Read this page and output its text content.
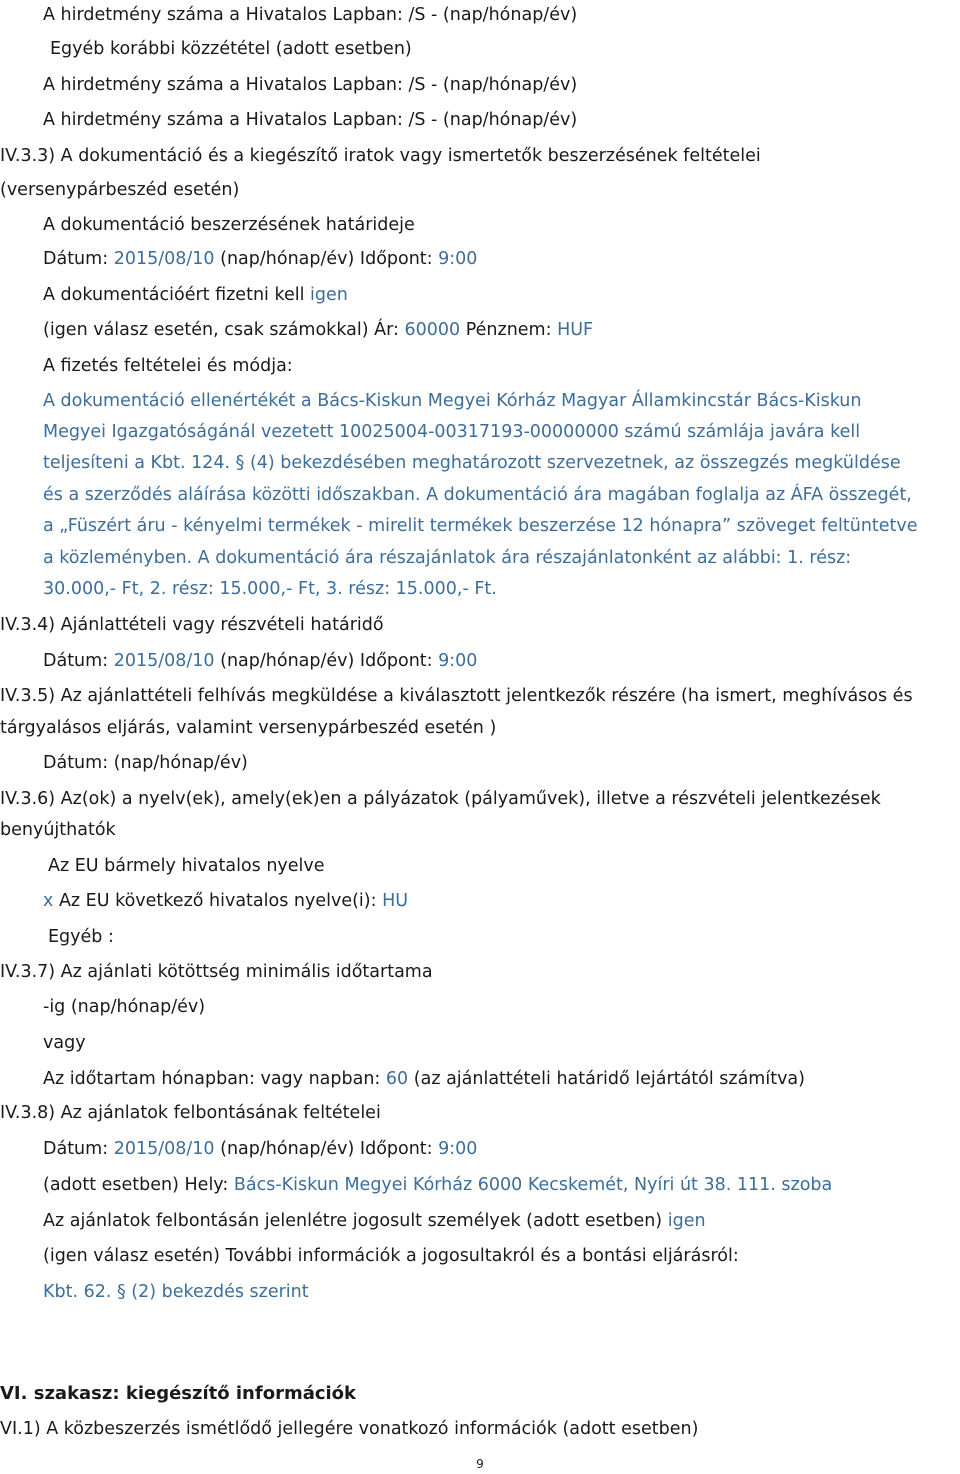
A hirdetmény száma a Hivatalos Lapban: /S - (nap/hónap/év)
Egyéb korábbi közzététel (adott esetben)
A hirdetmény száma a Hivatalos Lapban: /S - (nap/hónap/év)
A hirdetmény száma a Hivatalos Lapban: /S - (nap/hónap/év)
IV.3.3) A dokumentáció és a kiegészítő iratok vagy ismertetők beszerzésének feltételei
(versenypárbeszéd esetén)
A dokumentáció beszerzésének határideje
Dátum: 2015/08/10 (nap/hónap/év) Időpont: 9:00
A dokumentációért fizetni kell igen
(igen válasz esetén, csak számokkal) Ár: 60000 Pénznem: HUF
A fizetés feltételei és módja:
A dokumentáció ellenértékét a Bács-Kiskun Megyei Kórház Magyar Államkincstár Bács-Kiskun
Megyei Igazgatóságánál vezetett 10025004-00317193-00000000 számú számlája javára kell
teljesíteni a Kbt. 124. § (4) bekezdésében meghatározott szervezetnek, az összegzés megküldése
és a szerződés aláírása közötti időszakban. A dokumentáció ára magában foglalja az ÁFA összegét,
a „Füszért áru - kényelmi termékek - mirelit termékek beszerzése 12 hónapra” szöveget feltüntetve
a közleményben. A dokumentáció ára részajánlatok ára részajánlatonként az alábbi: 1. rész:
30.000,- Ft, 2. rész: 15.000,- Ft, 3. rész: 15.000,- Ft.
IV.3.4) Ajánlattételi vagy részvételi határidő
Dátum: 2015/08/10 (nap/hónap/év) Időpont: 9:00
IV.3.5) Az ajánlattételi felhívás megküldése a kiválasztott jelentkezők részére (ha ismert, meghívásos és
tárgyalásos eljárás, valamint versenypárbeszéd esetén )
Dátum: (nap/hónap/év)
IV.3.6) Az(ok) a nyelv(ek), amely(ek)en a pályázatok (pályaművek), illetve a részvételi jelentkezések
benyújthatók
Az EU bármely hivatalos nyelve
x Az EU következő hivatalos nyelve(i): HU
Egyéb :
IV.3.7) Az ajánlati kötöttség minimális időtartama
-ig (nap/hónap/év)
vagy
Az időtartam hónapban: vagy napban: 60 (az ajánlattételi határidő lejártától számítva)
IV.3.8) Az ajánlatok felbontásának feltételei
Dátum: 2015/08/10 (nap/hónap/év) Időpont: 9:00
(adott esetben) Hely: Bács-Kiskun Megyei Kórház 6000 Kecskemét, Nyíri út 38. 111. szoba
Az ajánlatok felbontásán jelenlétre jogosult személyek (adott esetben) igen
(igen válasz esetén) További információk a jogosultakról és a bontási eljárásról:
Kbt. 62. § (2) bekezdés szerint
VI. szakasz: kiegészítő információk
VI.1) A közbeszerzés ismétlődő jellegére vonatkozó információk (adott esetben)
9
